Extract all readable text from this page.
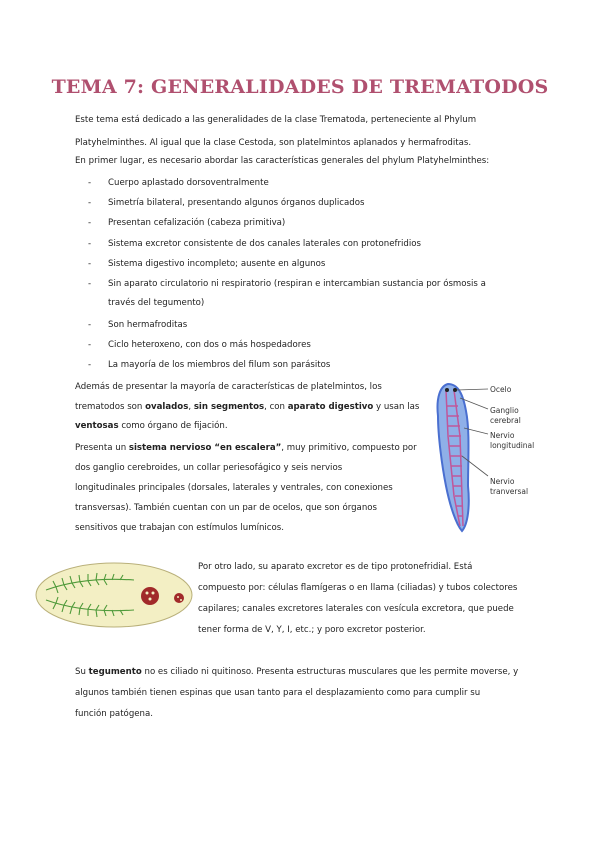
TEMA 7: GENERALIDADES DE TREMATODOS

Este tema está dedicado a las generalidades de la clase Trematoda, perteneciente al Phylum

Platyhelminthes. Al igual que la clase Cestoda, son platelmintos aplanados y hermafroditas.

En primer lugar, es necesario abordar las características generales del phylum Platyhelminthes:

- Cuerpo aplastado dorsoventralmente

- Simetría bilateral, presentando algunos órganos duplicados

- Presentan cefalización (cabeza primitiva)

- Sistema excretor consistente de dos canales laterales con protonefridios

- Sistema digestivo incompleto; ausente en algunos

- Sin aparato circulatorio ni respiratorio (respiran e intercambian sustancia por ósmosis a

través del tegumento)

- Son hermafroditas

- Ciclo heteroxeno, con dos o más hospedadores

- La mayoría de los miembros del filum son parásitos

Además de presentar la mayoría de características de platelmintos, los

trematodos son ovalados, sin segmentos, con aparato digestivo y usan las

ventosas como órgano de fijación.

Presenta un sistema nervioso “en escalera”, muy primitivo, compuesto por

dos ganglio cerebroides, un collar periesofágico y seis nervios

longitudinales principales (dorsales, laterales y ventrales, con conexiones

transversas). También cuentan con un par de ocelos, que son órganos

sensitivos que trabajan con estímulos lumínicos.

Ocelo
Ganglio
cerebral
Nervio
longitudinal
Nervio
tranversal

Por otro lado, su aparato excretor es de tipo protonefridial. Está

compuesto por: células flamígeras o en llama (ciliadas) y tubos colectores

capilares; canales excretores laterales con vesícula excretora, que puede

tener forma de V, Y, I, etc.; y poro excretor posterior.

Su tegumento no es ciliado ni quitinoso. Presenta estructuras musculares que les permite moverse, y

algunos también tienen espinas que usan tanto para el desplazamiento como para cumplir su

función patógena.
